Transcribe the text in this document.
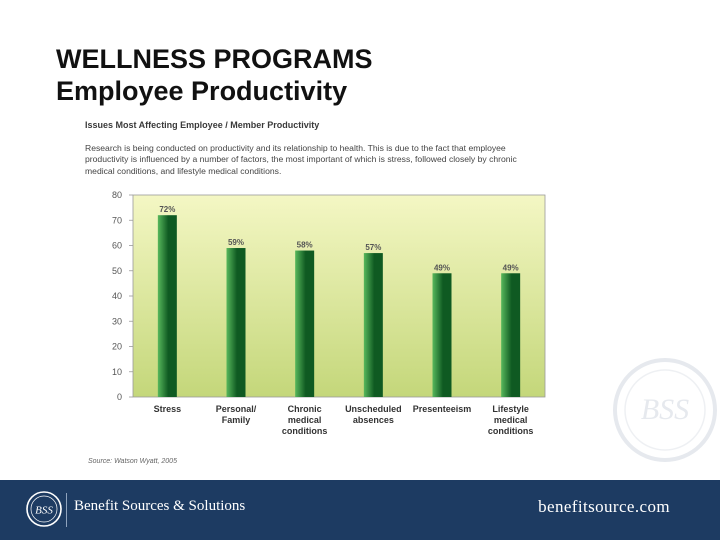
WELLNESS PROGRAMS
Employee Productivity
Issues Most Affecting Employee / Member Productivity
Research is being conducted on productivity and its relationship to health. This is due to the fact that employee productivity is influenced by a number of factors, the most important of which is stress, followed closely by chronic medical conditions, and lifestyle medical conditions.
0
10
20
30
40
50
60
70
80
72%
59%	58%	57%
49%	49%
Stress	Personal/ Family
Chronic medical conditions
Unscheduled absences
Presenteeism	Lifestyle medical conditions
Source: Watson Wyatt, 2005
BSS
BSS Benefit Sources & Solutions	benefitsource.com
